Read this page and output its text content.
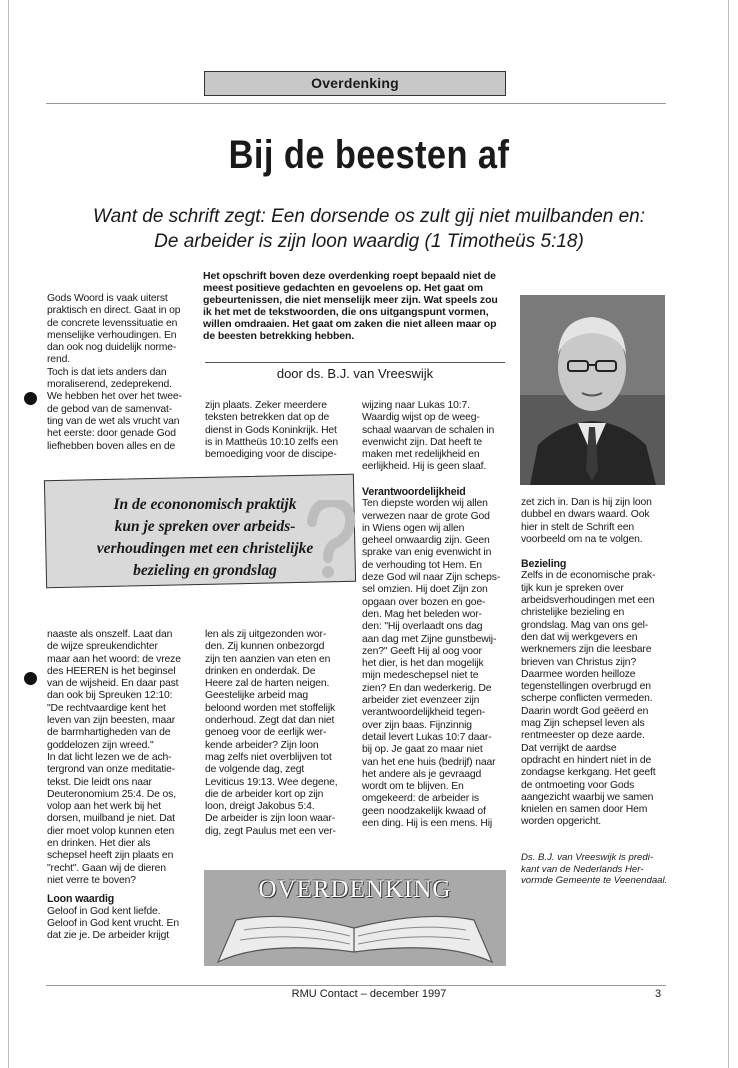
Overdenking
Bij de beesten af
Want de schrift zegt: Een dorsende os zult gij niet muilbanden en:
De arbeider is zijn loon waardig (1 Timotheüs 5:18)
Het opschrift boven deze overdenking roept bepaald niet de meest positieve gedachten en gevoelens op. Het gaat om gebeurtenissen, die niet menselijk meer zijn. Wat speels zou ik het met de tekstwoorden, die ons uitgangspunt vormen, willen omdraaien. Het gaat om zaken die niet alleen maar op de beesten betrekking hebben.
door ds. B.J. van Vreeswijk

Gods Woord is vaak uiterst

praktisch en direct. Gaat in op

de concrete levenssituatie en

menselijke verhoudingen. En

dan ook nog duidelijk norme-

rend.

Toch is dat iets anders dan

moraliserend, zedeprekend.

We hebben het over het twee-

de gebod van de samenvat-

ting van de wet als vrucht van

het eerste: door genade God

liefhebben boven alles en de

zijn plaats. Zeker meerdere

teksten betrekken dat op de

dienst in Gods Koninkrijk. Het

is in Mattheüs 10:10 zelfs een

bemoediging voor de discipe-

wijzing naar Lukas 10:7.

Waardig wijst op de weeg-

schaal waarvan de schalen in

evenwicht zijn. Dat heeft te

maken met redelijkheid en

eerlijkheid. Hij is geen slaaf.

In de econonomisch praktijk
kun je spreken over arbeids-
verhoudingen met een christelijke
bezieling en grondslag

naaste als onszelf. Laat dan

de wijze spreukendichter

maar aan het woord: de vreze

des HEEREN is het beginsel

van de wijsheid. En daar past

dan ook bij Spreuken 12:10:

"De rechtvaardige kent het

leven van zijn beesten, maar

de barmhartigheden van de

goddelozen zijn wreed."

In dat licht lezen we de ach-

tergrond van onze meditatie-

tekst. Die leidt ons naar

Deuteronomium 25:4. De os,

volop aan het werk bij het

dorsen, muilband je niet. Dat

dier moet volop kunnen eten

en drinken. Het dier als

schepsel heeft zijn plaats en

"recht". Gaan wij de dieren

niet verre te boven?

Loon waardig

Geloof in God kent liefde.

Geloof in God kent vrucht. En

dat zie je. De arbeider krijgt

len als zij uitgezonden wor-

den. Zij kunnen onbezorgd

zijn ten aanzien van eten en

drinken en onderdak. De

Heere zal de harten neigen.

Geestelijke arbeid mag

beloond worden met stoffelijk

onderhoud. Zegt dat dan niet

genoeg voor de eerlijk wer-

kende arbeider? Zijn loon

mag zelfs niet overblijven tot

de volgende dag, zegt

Leviticus 19:13. Wee degene,

die de arbeider kort op zijn

loon, dreigt Jakobus 5:4.

De arbeider is zijn loon waar-

dig, zegt Paulus met een ver-

Verantwoordelijkheid

Ten diepste worden wij allen

verwezen naar de grote God

in Wiens ogen wij allen

geheel onwaardig zijn. Geen

sprake van enig evenwicht in

de verhouding tot Hem. En

deze God wil naar Zijn scheps-

sel omzien. Hij doet Zijn zon

opgaan over bozen en goe-

den. Mag het beleden wor-

den: "Hij overlaadt ons dag

aan dag met Zijne gunstbewij-

zen?" Geeft Hij al oog voor

het dier, is het dan mogelijk

mijn medeschepsel niet te

zien? En dan wederkerig. De

arbeider ziet evenzeer zijn

verantwoordelijkheid tegen-

over zijn baas. Fijnzinnig

detail levert Lukas 10:7 daar-

bij op. Je gaat zo maar niet

van het ene huis (bedrijf) naar

het andere als je gevraagd

wordt om te blijven. En

omgekeerd: de arbeider is

geen noodzakelijk kwaad of

een ding. Hij is een mens. Hij

zet zich in. Dan is hij zijn loon

dubbel en dwars waard. Ook

hier in stelt de Schrift een

voorbeeld om na te volgen.

Bezieling

Zelfs in de economische prak-

tijk kun je spreken over

arbeidsverhoudingen met een

christelijke bezieling en

grondslag. Mag van ons gel-

den dat wij werkgevers en

werknemers zijn die leesbare

brieven van Christus zijn?

Daarmee worden heilloze

tegenstellingen overbrugd en

scherpe conflicten vermeden.

Daarin wordt God geëerd en

mag Zijn schepsel leven als

rentmeester op deze aarde.

Dat verrijkt de aardse

opdracht en hindert niet in de

zondagse kerkgang. Het geeft

de ontmoeting voor Gods

aangezicht waarbij we samen

knielen en samen door Hem

worden opgericht.

Ds. B.J. van Vreeswijk is predi-
kant van de Nederlands Her-
vormde Gemeente te Veenendaal.
OVERDENKING
RMU Contact – december 1997	3
